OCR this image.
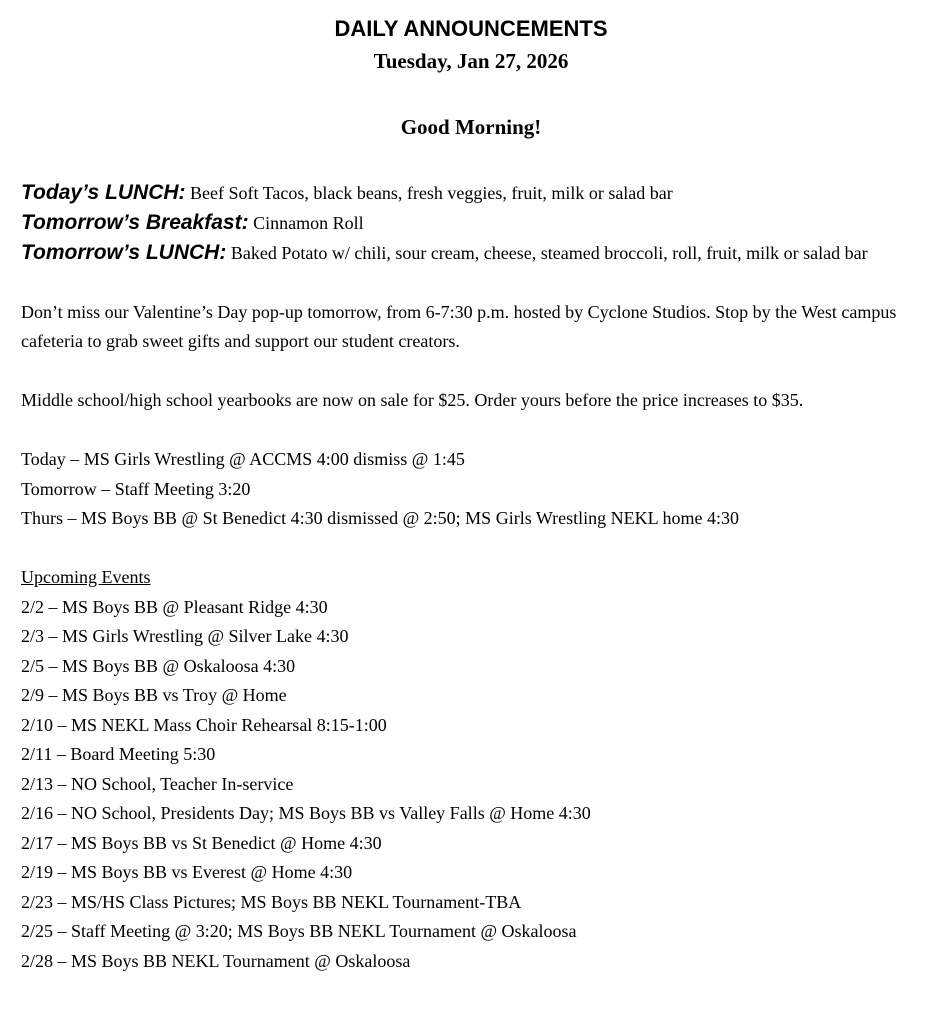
DAILY ANNOUNCEMENTS

Tuesday, Jan 27, 2026

Good Morning!

Today’s LUNCH: Beef Soft Tacos, black beans, fresh veggies, fruit, milk or salad bar

Tomorrow’s Breakfast: Cinnamon Roll

Tomorrow’s LUNCH: Baked Potato w/ chili, sour cream, cheese, steamed broccoli, roll, fruit, milk or salad bar

Don’t miss our Valentine’s Day pop-up tomorrow, from 6-7:30 p.m. hosted by Cyclone Studios. Stop by the West campus cafeteria to grab sweet gifts and support our student creators.

Middle school/high school yearbooks are now on sale for $25. Order yours before the price increases to $35.

Today – MS Girls Wrestling @ ACCMS 4:00 dismiss @ 1:45
Tomorrow – Staff Meeting 3:20
Thurs – MS Boys BB @ St Benedict 4:30 dismissed @ 2:50; MS Girls Wrestling NEKL home 4:30
Upcoming Events
2/2 – MS Boys BB @ Pleasant Ridge 4:30
2/3 – MS Girls Wrestling @ Silver Lake 4:30
2/5 – MS Boys BB @ Oskaloosa 4:30
2/9 – MS Boys BB vs Troy @ Home
2/10 – MS NEKL Mass Choir Rehearsal 8:15-1:00
2/11 – Board Meeting 5:30
2/13 – NO School, Teacher In-service
2/16 – NO School, Presidents Day; MS Boys BB vs Valley Falls @ Home 4:30
2/17 – MS Boys BB vs St Benedict @ Home 4:30
2/19 – MS Boys BB vs Everest @ Home 4:30
2/23 – MS/HS Class Pictures; MS Boys BB NEKL Tournament-TBA
2/25 – Staff Meeting @ 3:20; MS Boys BB NEKL Tournament @ Oskaloosa
2/28 – MS Boys BB NEKL Tournament @ Oskaloosa
